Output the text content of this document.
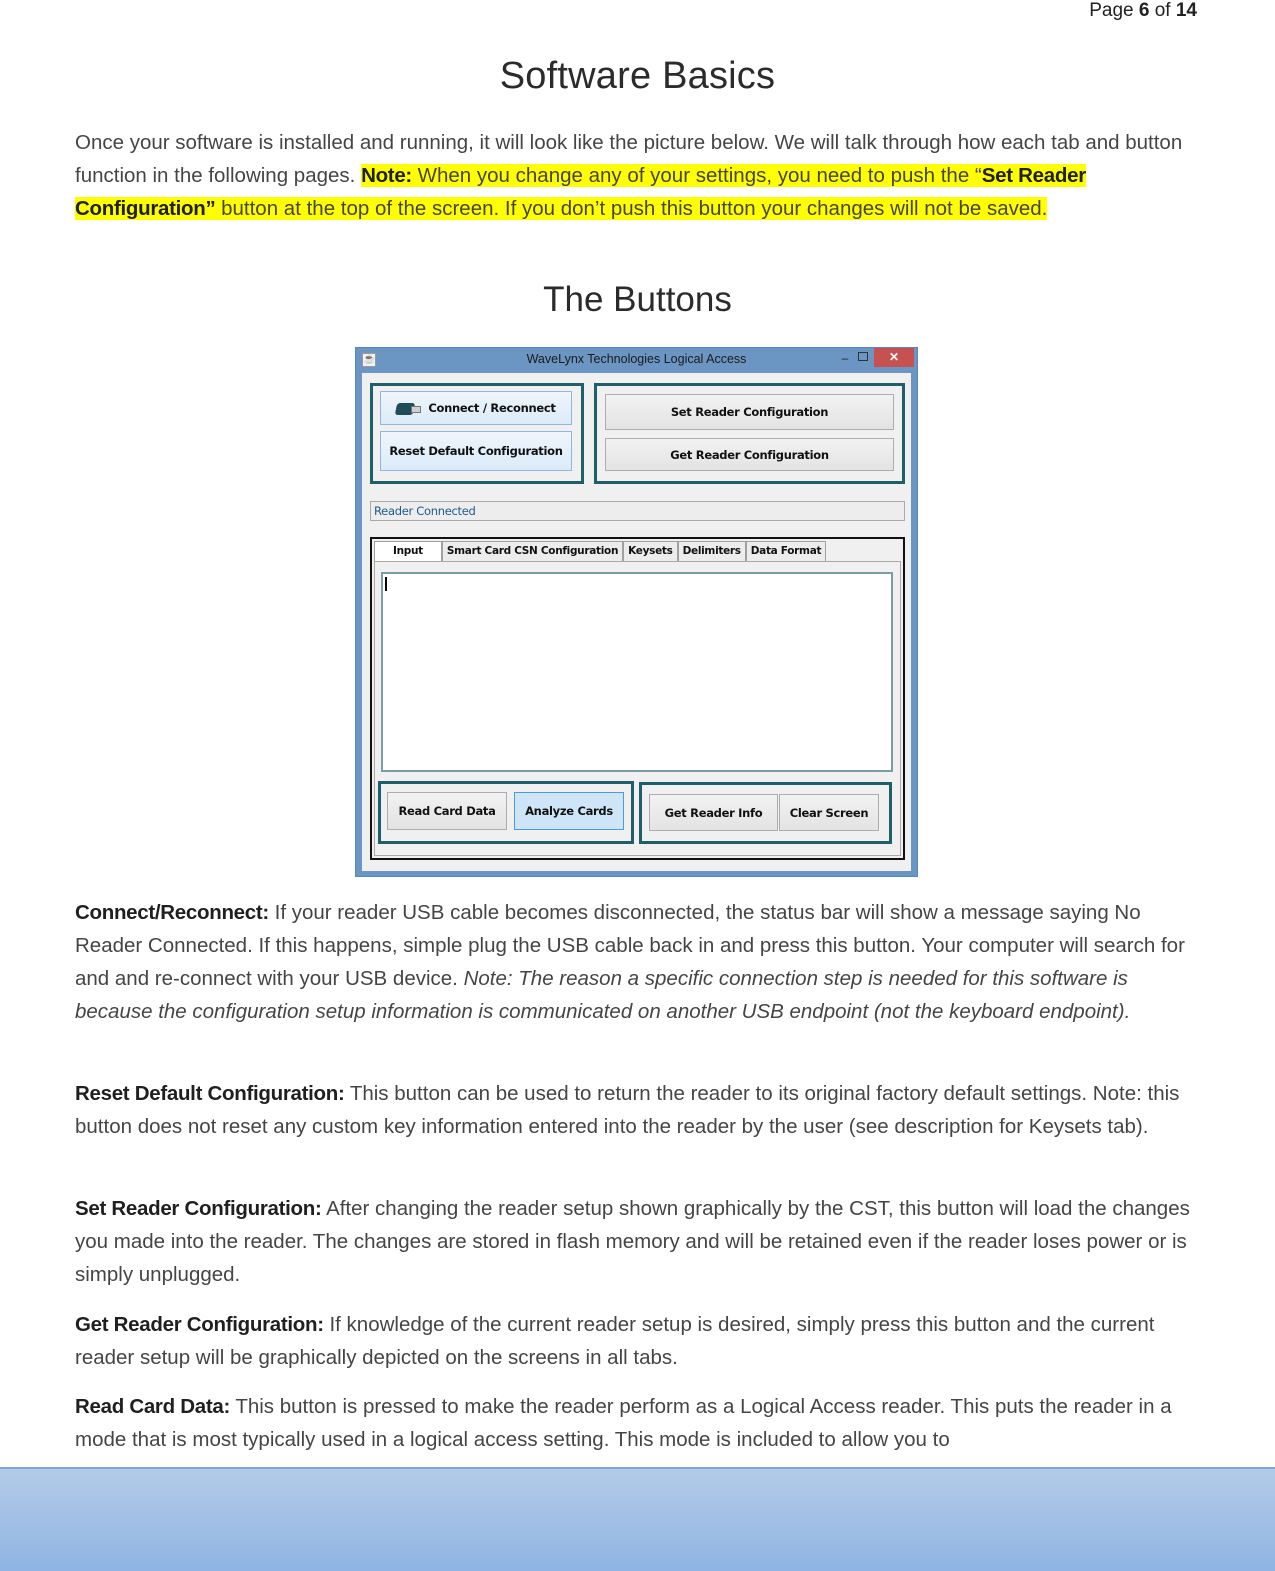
Page 6 of 14
Software Basics

Once your software is installed and running, it will look like the picture below. We will talk through how each tab and button function in the following pages. Note: When you change any of your settings, you need to push the “Set Reader Configuration” button at the top of the screen. If you don’t push this button your changes will not be saved.

The Buttons
☕	WaveLynx Technologies Logical Access	–	✕
Connect / Reconnect
Reset Default Configuration
Set Reader Configuration
Get Reader Configuration
Reader Connected
Input	Smart Card CSN Configuration Keysets Delimiters Data Format
Read Card Data	Analyze Cards	Get Reader Info	Clear Screen

Connect/Reconnect: If your reader USB cable becomes disconnected, the status bar will show a message saying No Reader Connected. If this happens, simple plug the USB cable back in and press this button. Your computer will search for and and re-connect with your USB device. Note: The reason a specific connection step is needed for this software is because the configuration setup information is communicated on another USB endpoint (not the keyboard endpoint).

Reset Default Configuration: This button can be used to return the reader to its original factory default settings. Note: this button does not reset any custom key information entered into the reader by the user (see description for Keysets tab).

Set Reader Configuration: After changing the reader setup shown graphically by the CST, this button will load the changes you made into the reader. The changes are stored in flash memory and will be retained even if the reader loses power or is simply unplugged.

Get Reader Configuration: If knowledge of the current reader setup is desired, simply press this button and the current reader setup will be graphically depicted on the screens in all tabs.

Read Card Data: This button is pressed to make the reader perform as a Logical Access reader. This puts the reader in a mode that is most typically used in a logical access setting. This mode is included to allow you to
